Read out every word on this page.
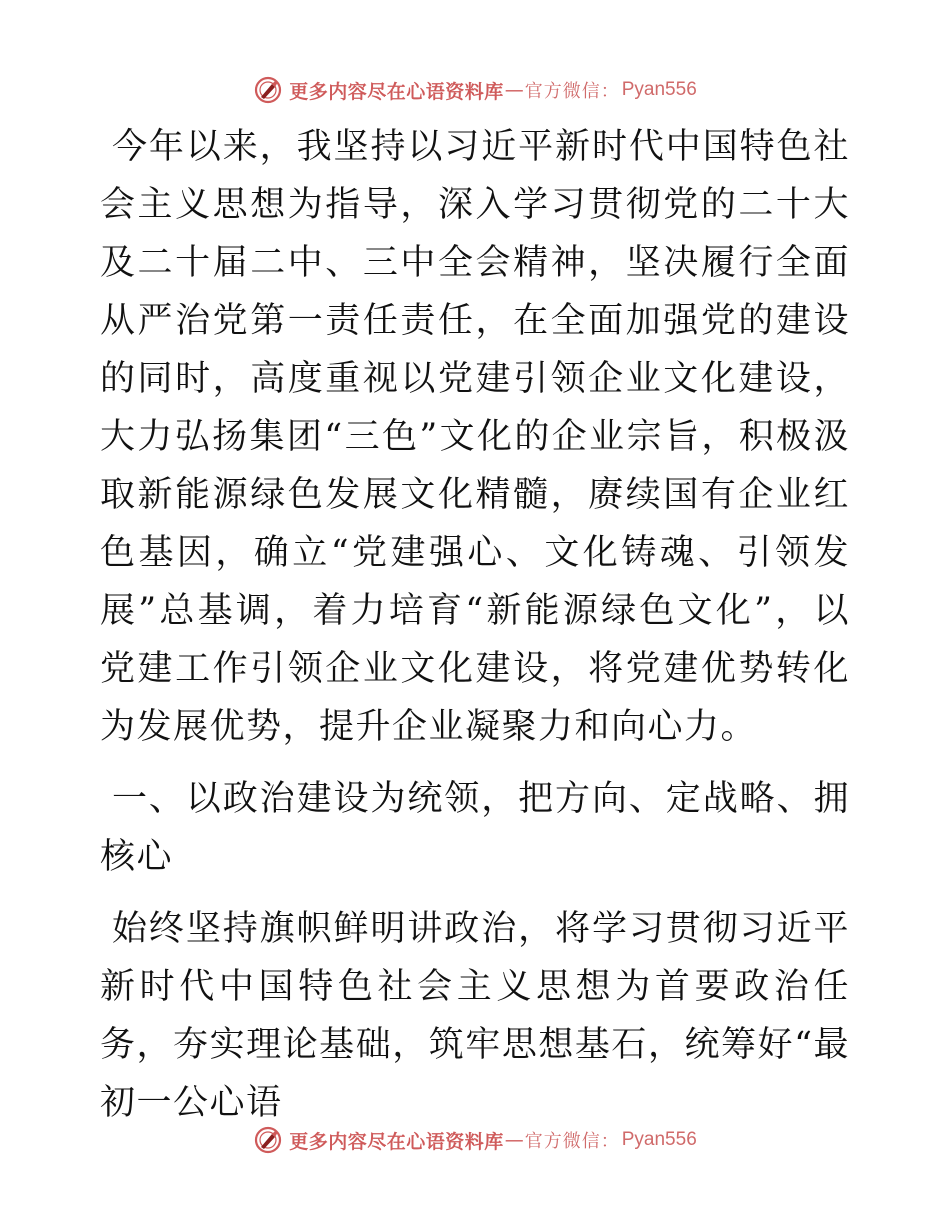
更多内容尽在心语资料库 — 官方微信： Pyan556

今年以来，我坚持以习近平新时代中国特色社会主义思想为指导，深入学习贯彻党的二十大及二十届二中、三中全会精神，坚决履行全面从严治党第一责任责任，在全面加强党的建设的同时，高度重视以党建引领企业文化建设，大力弘扬集团“三色”文化的企业宗旨，积极汲取新能源绿色发展文化精髓，赓续国有企业红色基因，确立“党建强心、文化铸魂、引领发展”总基调，着力培育“新能源绿色文化”，以党建工作引领企业文化建设，将党建优势转化为发展优势，提升企业凝聚力和向心力。

一、以政治建设为统领，把方向、定战略、拥核心

始终坚持旗帜鲜明讲政治，将学习贯彻习近平新时代中国特色社会主义思想为首要政治任务，夯实理论基础，筑牢思想基石，统筹好“最初一公心语

更多内容尽在心语资料库 — 官方微信： Pyan556
